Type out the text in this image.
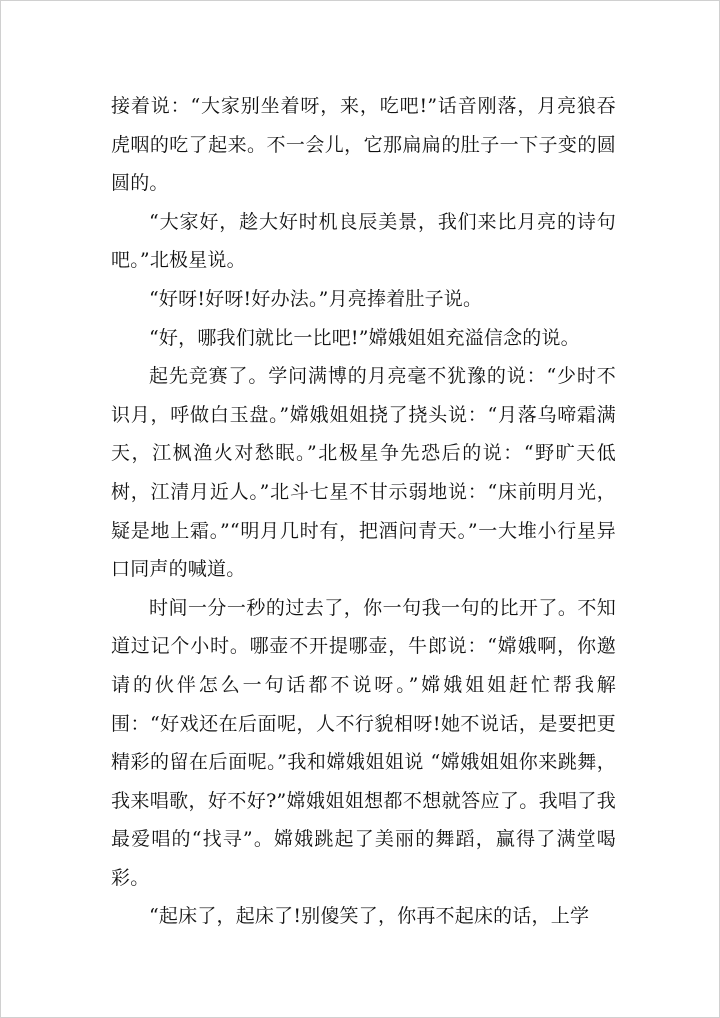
接着说：“大家别坐着呀，来，吃吧!”话音刚落，月亮狼吞虎咽的吃了起来。不一会儿，它那扁扁的肚子一下子变的圆圆的。

“大家好，趁大好时机良辰美景，我们来比月亮的诗句吧。”北极星说。

“好呀!好呀!好办法。”月亮捧着肚子说。

“好，哪我们就比一比吧!”嫦娥姐姐充溢信念的说。

起先竞赛了。学问满博的月亮毫不犹豫的说：“少时不识月，呼做白玉盘。”嫦娥姐姐挠了挠头说：“月落乌啼霜满天，江枫渔火对愁眠。”北极星争先恐后的说：“野旷天低树，江清月近人。”北斗七星不甘示弱地说：“床前明月光，疑是地上霜。”“明月几时有，把酒问青天。”一大堆小行星异口同声的喊道。

时间一分一秒的过去了，你一句我一句的比开了。不知道过记个小时。哪壶不开提哪壶，牛郎说：“嫦娥啊，你邀请的伙伴怎么一句话都不说呀。”嫦娥姐姐赶忙帮我解围：“好戏还在后面呢，人不行貌相呀!她不说话，是要把更精彩的留在后面呢。”我和嫦娥姐姐说 “嫦娥姐姐你来跳舞，我来唱歌，好不好?”嫦娥姐姐想都不想就答应了。我唱了我最爱唱的“找寻”。嫦娥跳起了美丽的舞蹈，赢得了满堂喝彩。

“起床了，起床了!别傻笑了，你再不起床的话，上学
